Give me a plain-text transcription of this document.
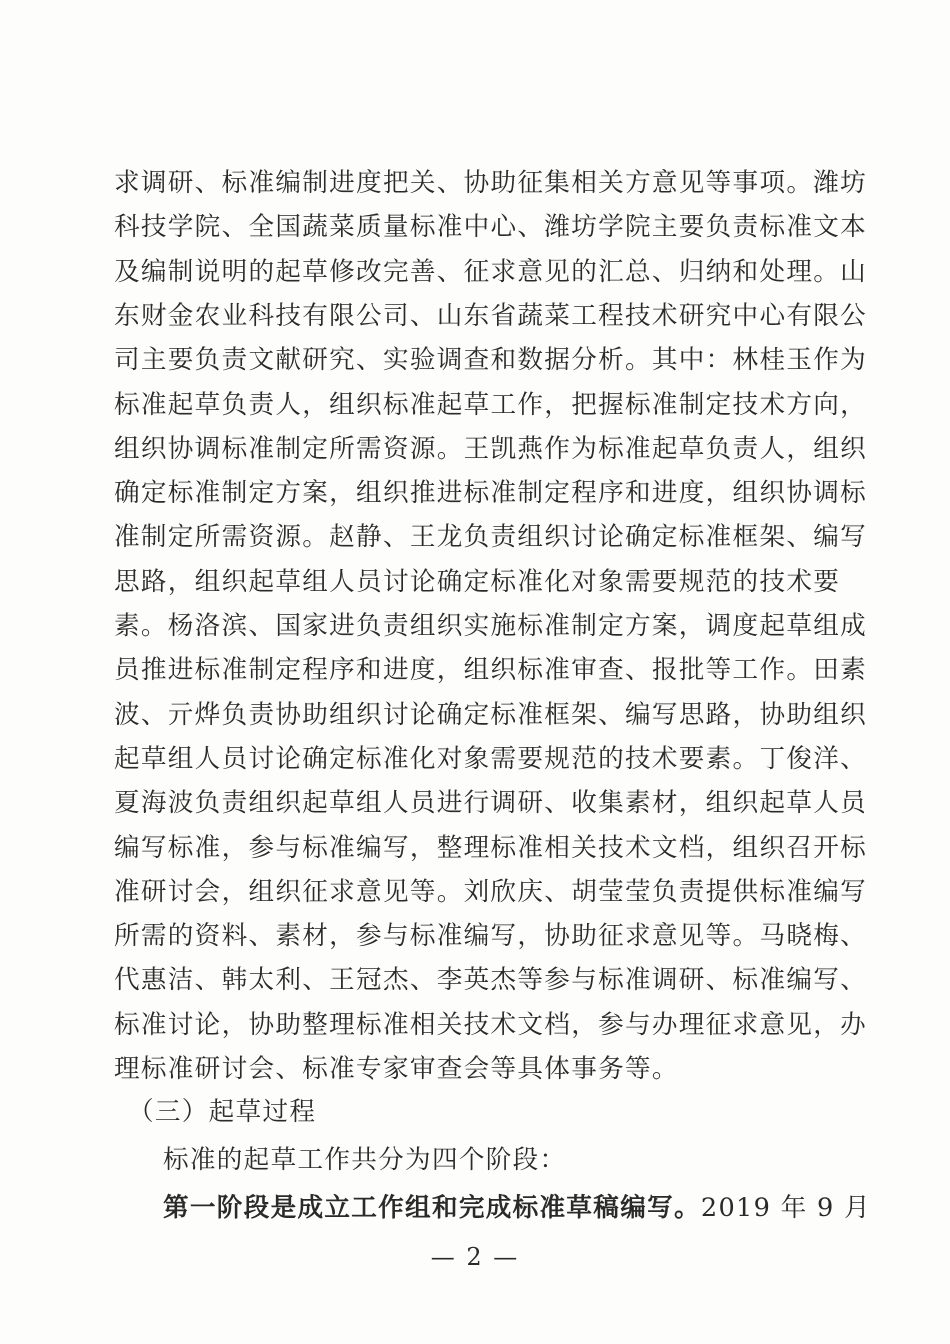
求调研、标准编制进度把关、协助征集相关方意见等事项。潍坊
科技学院、全国蔬菜质量标准中心、潍坊学院主要负责标准文本
及编制说明的起草修改完善、征求意见的汇总、归纳和处理。山
东财金农业科技有限公司、山东省蔬菜工程技术研究中心有限公
司主要负责文献研究、实验调查和数据分析。其中：林桂玉作为
标准起草负责人，组织标准起草工作，把握标准制定技术方向，
组织协调标准制定所需资源。王凯燕作为标准起草负责人，组织
确定标准制定方案，组织推进标准制定程序和进度，组织协调标
准制定所需资源。赵静、王龙负责组织讨论确定标准框架、编写
思路，组织起草组人员讨论确定标准化对象需要规范的技术要
素。杨洛滨、国家进负责组织实施标准制定方案，调度起草组成
员推进标准制定程序和进度，组织标准审查、报批等工作。田素
波、亓烨负责协助组织讨论确定标准框架、编写思路，协助组织
起草组人员讨论确定标准化对象需要规范的技术要素。丁俊洋、
夏海波负责组织起草组人员进行调研、收集素材，组织起草人员
编写标准，参与标准编写，整理标准相关技术文档，组织召开标
准研讨会，组织征求意见等。刘欣庆、胡莹莹负责提供标准编写
所需的资料、素材，参与标准编写，协助征求意见等。马晓梅、
代惠洁、韩太利、王冠杰、李英杰等参与标准调研、标准编写、
标准讨论，协助整理标准相关技术文档，参与办理征求意见，办
理标准研讨会、标准专家审查会等具体事务等。
（三）起草过程
标准的起草工作共分为四个阶段：
第一阶段是成立工作组和完成标准草稿编写。2019 年 9 月
— 2 —
